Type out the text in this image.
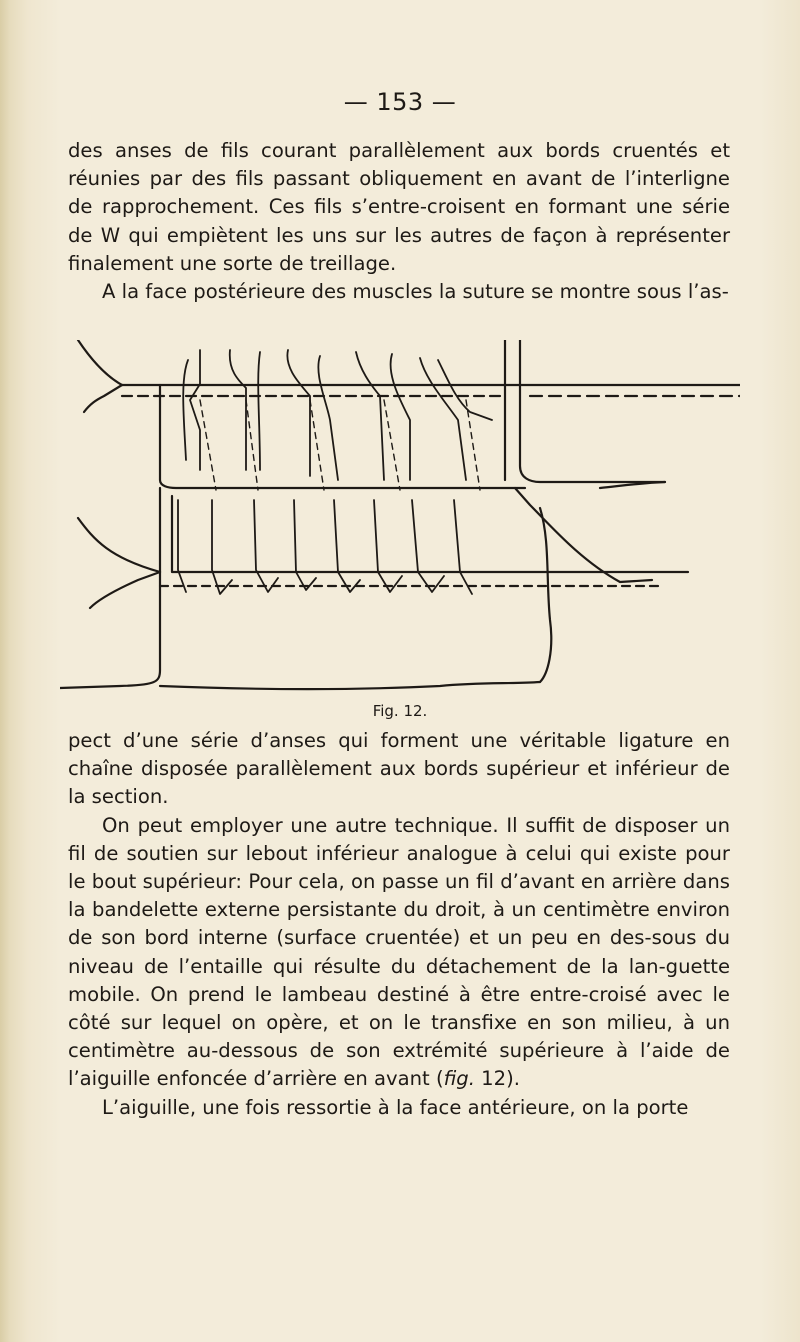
— 153 —

des anses de fils courant parallèlement aux bords cruentés et réunies par des fils passant obliquement en avant de l’interligne de rapprochement. Ces fils s’entre-croisent en formant une série de W qui empiètent les uns sur les autres de façon à représenter finalement une sorte de treillage.

A la face postérieure des muscles la suture se montre sous l’as-

Fig. 12.

pect d’une série d’anses qui forment une véritable ligature en chaîne disposée parallèlement aux bords supérieur et inférieur de la section.

On peut employer une autre technique. Il suffit de disposer un fil de soutien sur lebout inférieur analogue à celui qui existe pour le bout supérieur: Pour cela, on passe un fil d’avant en arrière dans la bandelette externe persistante du droit, à un centimètre environ de son bord interne (surface cruentée) et un peu en des-sous du niveau de l’entaille qui résulte du détachement de la lan-guette mobile. On prend le lambeau destiné à être entre-croisé avec le côté sur lequel on opère, et on le transfixe en son milieu, à un centimètre au-dessous de son extrémité supérieure à l’aide de l’aiguille enfoncée d’arrière en avant (fig. 12).

L’aiguille, une fois ressortie à la face antérieure, on la porte
